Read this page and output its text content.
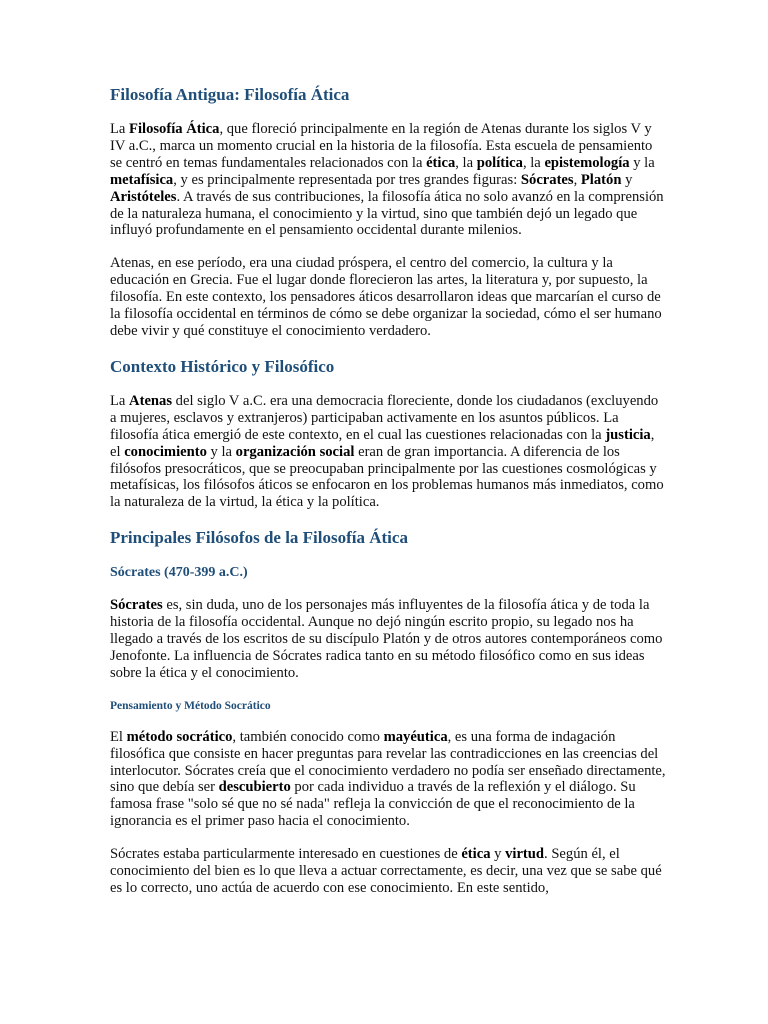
Filosofía Antigua: Filosofía Ática

La Filosofía Ática, que floreció principalmente en la región de Atenas durante los siglos V y IV a.C., marca un momento crucial en la historia de la filosofía. Esta escuela de pensamiento se centró en temas fundamentales relacionados con la ética, la política, la epistemología y la metafísica, y es principalmente representada por tres grandes figuras: Sócrates, Platón y Aristóteles. A través de sus contribuciones, la filosofía ática no solo avanzó en la comprensión de la naturaleza humana, el conocimiento y la virtud, sino que también dejó un legado que influyó profundamente en el pensamiento occidental durante milenios.

Atenas, en ese período, era una ciudad próspera, el centro del comercio, la cultura y la educación en Grecia. Fue el lugar donde florecieron las artes, la literatura y, por supuesto, la filosofía. En este contexto, los pensadores áticos desarrollaron ideas que marcarían el curso de la filosofía occidental en términos de cómo se debe organizar la sociedad, cómo el ser humano debe vivir y qué constituye el conocimiento verdadero.

Contexto Histórico y Filosófico

La Atenas del siglo V a.C. era una democracia floreciente, donde los ciudadanos (excluyendo a mujeres, esclavos y extranjeros) participaban activamente en los asuntos públicos. La filosofía ática emergió de este contexto, en el cual las cuestiones relacionadas con la justicia, el conocimiento y la organización social eran de gran importancia. A diferencia de los filósofos presocráticos, que se preocupaban principalmente por las cuestiones cosmológicas y metafísicas, los filósofos áticos se enfocaron en los problemas humanos más inmediatos, como la naturaleza de la virtud, la ética y la política.

Principales Filósofos de la Filosofía Ática
Sócrates (470-399 a.C.)

Sócrates es, sin duda, uno de los personajes más influyentes de la filosofía ática y de toda la historia de la filosofía occidental. Aunque no dejó ningún escrito propio, su legado nos ha llegado a través de los escritos de su discípulo Platón y de otros autores contemporáneos como Jenofonte. La influencia de Sócrates radica tanto en su método filosófico como en sus ideas sobre la ética y el conocimiento.

Pensamiento y Método Socrático

El método socrático, también conocido como mayéutica, es una forma de indagación filosófica que consiste en hacer preguntas para revelar las contradicciones en las creencias del interlocutor. Sócrates creía que el conocimiento verdadero no podía ser enseñado directamente, sino que debía ser descubierto por cada individuo a través de la reflexión y el diálogo. Su famosa frase "solo sé que no sé nada" refleja la convicción de que el reconocimiento de la ignorancia es el primer paso hacia el conocimiento.

Sócrates estaba particularmente interesado en cuestiones de ética y virtud. Según él, el conocimiento del bien es lo que lleva a actuar correctamente, es decir, una vez que se sabe qué es lo correcto, uno actúa de acuerdo con ese conocimiento. En este sentido,
